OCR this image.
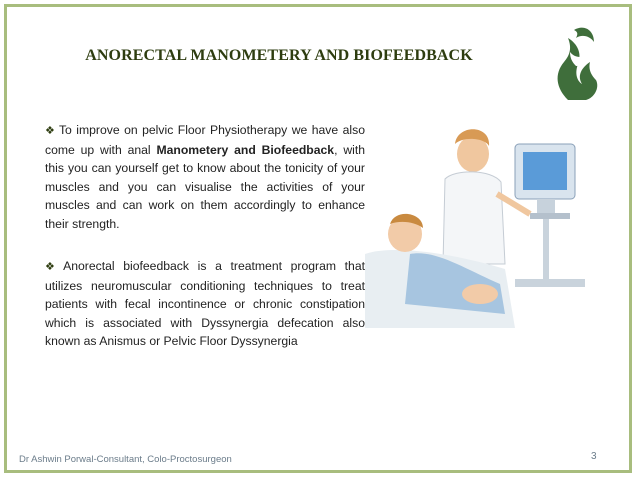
ANORECTAL MANOMETERY AND BIOFEEDBACK
❖ To improve on pelvic Floor Physiotherapy we have also come up with anal Manometery and Biofeedback, with this you can yourself get to know about the tonicity of your muscles and you can visualise the activities of your muscles and can work on them accordingly to enhance their strength.
❖ Anorectal biofeedback is a treatment program that utilizes neuromuscular conditioning techniques to treat patients with fecal incontinence or chronic constipation which is associated with Dyssynergia defecation also known as Anismus or Pelvic Floor Dyssynergia
Dr Ashwin Porwal-Consultant, Colo-Proctosurgeon	3
